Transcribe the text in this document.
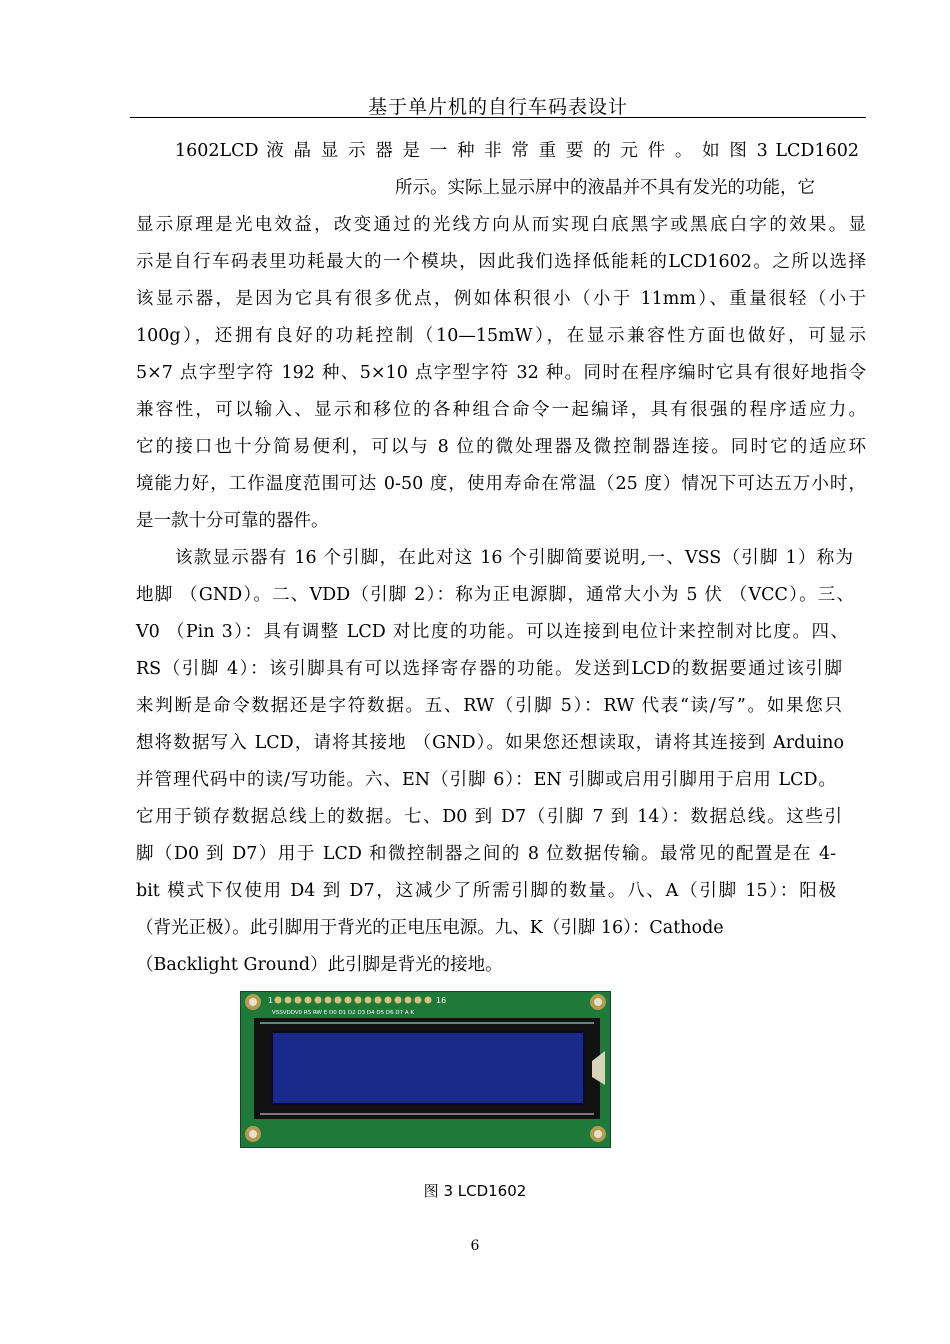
基于单片机的自行车码表设计
1602LCD 液 晶 显 示 器 是 一 种 非 常 重 要 的 元 件 。 如 图 3 LCD1602
所示。实际上显示屏中的液晶并不具有发光的功能，它
显示原理是光电效益，改变通过的光线方向从而实现白底黑字或黑底白字的效果。显
示是自行车码表里功耗最大的一个模块，因此我们选择低能耗的LCD1602。之所以选择
该显示器，是因为它具有很多优点，例如体积很小（小于 11mm）、重量很轻（小于
100g），还拥有良好的功耗控制（10—15mW），在显示兼容性方面也做好，可显示
5×7 点字型字符 192 种、5×10 点字型字符 32 种。同时在程序编时它具有很好地指令
兼容性，可以输入、显示和移位的各种组合命令一起编译，具有很强的程序适应力。
它的接口也十分简易便利，可以与 8 位的微处理器及微控制器连接。同时它的适应环
境能力好，工作温度范围可达 0-50 度，使用寿命在常温（25 度）情况下可达五万小时，
是一款十分可靠的器件。
该款显示器有 16 个引脚，在此对这 16 个引脚简要说明,一、VSS（引脚 1）称为
地脚 （GND）。二、VDD（引脚 2）：称为正电源脚，通常大小为 5 伏 （VCC）。三、
V0 （Pin 3）：具有调整 LCD 对比度的功能。可以连接到电位计来控制对比度。四、
RS（引脚 4）：该引脚具有可以选择寄存器的功能。发送到LCD的数据要通过该引脚
来判断是命令数据还是字符数据。五、RW（引脚 5）：RW 代表“读/写”。如果您只
想将数据写入 LCD，请将其接地 （GND）。如果您还想读取，请将其连接到 Arduino
并管理代码中的读/写功能。六、EN（引脚 6）：EN 引脚或启用引脚用于启用 LCD。
它用于锁存数据总线上的数据。七、D0 到 D7（引脚 7 到 14）：数据总线。这些引
脚（D0 到 D7）用于 LCD 和微控制器之间的 8 位数据传输。最常见的配置是在 4-
bit 模式下仅使用 D4 到 D7，这减少了所需引脚的数量。八、A（引脚 15）：阳极
（背光正极）。此引脚用于背光的正电压电源。九、K（引脚 16）：Cathode
（Backlight Ground）此引脚是背光的接地。
1	16
VSSVDDV0 RS RW E D0 D1 D2 D3 D4 D5 D6 D7 A K
图 3 LCD1602
6
